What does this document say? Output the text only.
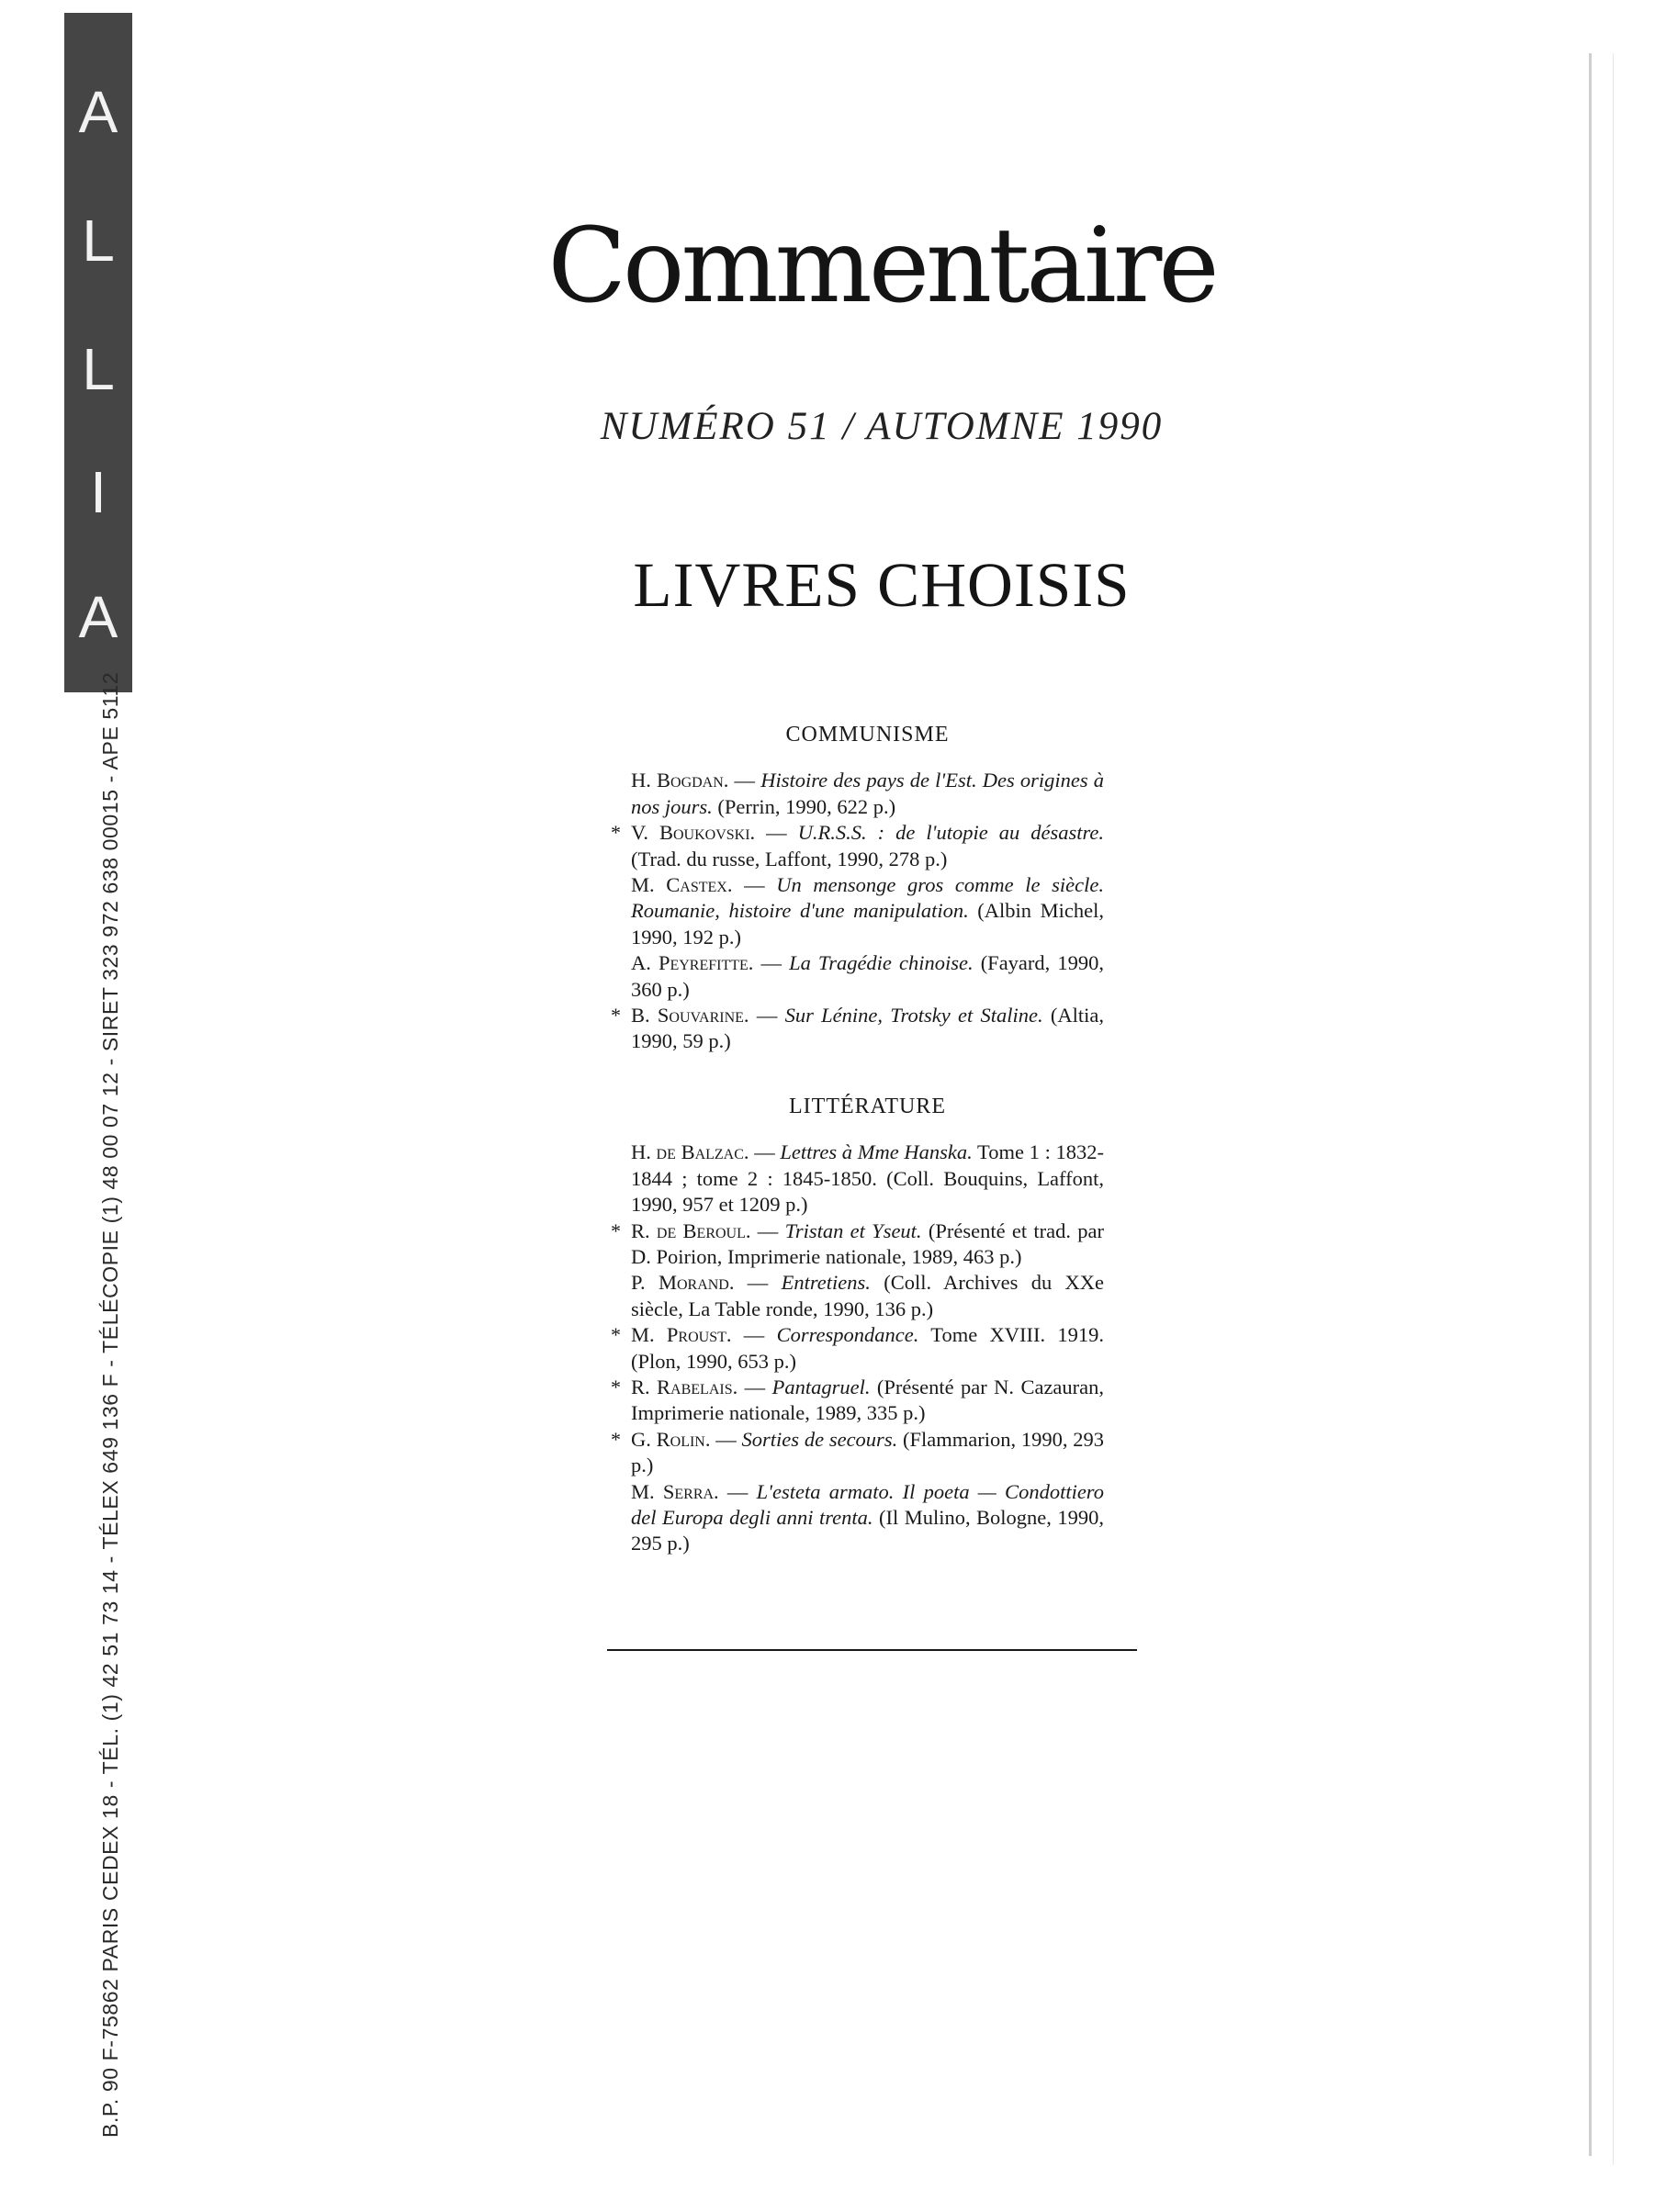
A
L
L
I
A
B.P. 90 F-75862 PARIS CEDEX 18 - TÉL. (1) 42 51 73 14 - TÉLEX 649 136 F - TÉLÉCOPIE (1) 48 00 07 12 - SIRET 323 972 638 00015 - APE 5112
Commentaire
NUMÉRO 51 / AUTOMNE 1990
LIVRES CHOISIS
COMMUNISME
H. Bogdan. — Histoire des pays de l'Est. Des origines à nos jours. (Perrin, 1990, 622 p.)
* V. Boukovski. — U.R.S.S. : de l'utopie au désastre. (Trad. du russe, Laffont, 1990, 278 p.)
M. Castex. — Un mensonge gros comme le siècle. Roumanie, histoire d'une manipulation. (Albin Michel, 1990, 192 p.)
A. Peyrefitte. — La Tragédie chinoise. (Fayard, 1990, 360 p.)
* B. Souvarine. — Sur Lénine, Trotsky et Staline. (Altia, 1990, 59 p.)
LITTÉRATURE
H. de Balzac. — Lettres à Mme Hanska. Tome 1 : 1832-1844 ; tome 2 : 1845-1850. (Coll. Bouquins, Laffont, 1990, 957 et 1209 p.)
* R. de Beroul. — Tristan et Yseut. (Présenté et trad. par D. Poirion, Imprimerie nationale, 1989, 463 p.)
P. Morand. — Entretiens. (Coll. Archives du XXe siècle, La Table ronde, 1990, 136 p.)
* M. Proust. — Correspondance. Tome XVIII. 1919. (Plon, 1990, 653 p.)
* R. Rabelais. — Pantagruel. (Présenté par N. Cazauran, Imprimerie nationale, 1989, 335 p.)
* G. Rolin. — Sorties de secours. (Flammarion, 1990, 293 p.)
M. Serra. — L'esteta armato. Il poeta — Condottiero del Europa degli anni trenta. (Il Mulino, Bologne, 1990, 295 p.)
